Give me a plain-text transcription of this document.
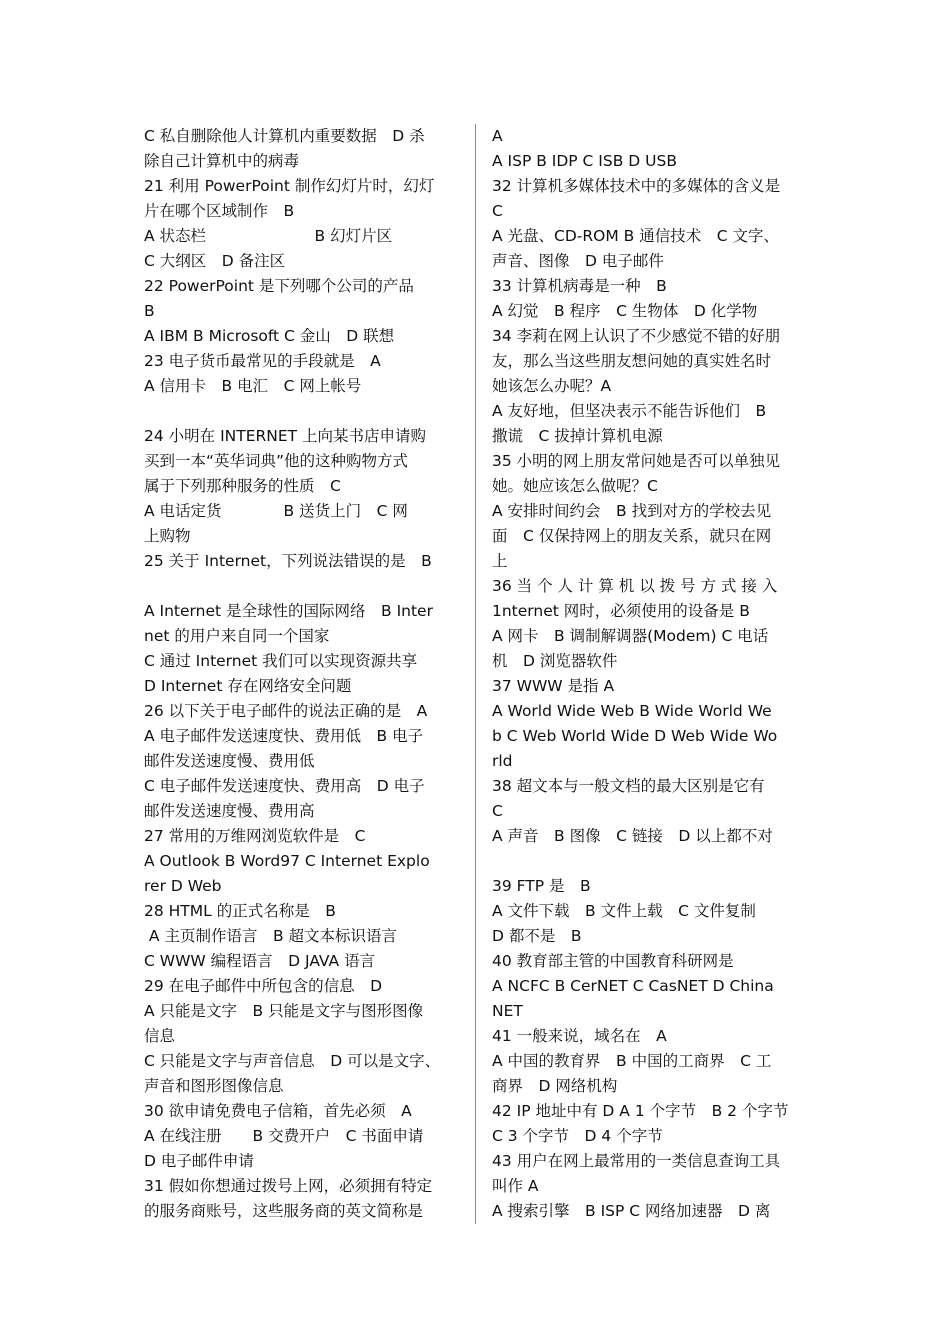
C 私自删除他人计算机内重要数据　D 杀
除自己计算机中的病毒
21 利用 PowerPoint 制作幻灯片时，幻灯
片在哪个区域制作　B
A 状态栏　　　　　　　B 幻灯片区
C 大纲区　D 备注区
22 PowerPoint 是下列哪个公司的产品
B
A IBM B Microsoft C 金山　D 联想
23 电子货币最常见的手段就是　A
A 信用卡　B 电汇　C 网上帐号
24 小明在 INTERNET 上向某书店申请购
买到一本“英华词典”他的这种购物方式
属于下列那种服务的性质　C
A 电话定货　　　　B 送货上门　C 网
上购物
25 关于 Internet，下列说法错误的是　B
A Internet 是全球性的国际网络　B Inter
net 的用户来自同一个国家
C 通过 Internet 我们可以实现资源共享
D Internet 存在网络安全问题
26 以下关于电子邮件的说法正确的是　A
A 电子邮件发送速度快、费用低　B 电子
邮件发送速度慢、费用低
C 电子邮件发送速度快、费用高　D 电子
邮件发送速度慢、费用高
27 常用的万维网浏览软件是　C
A Outlook B Word97 C Internet Explo
rer D Web
28 HTML 的正式名称是　B
A 主页制作语言　B 超文本标识语言
C WWW 编程语言　D JAVA 语言
29 在电子邮件中所包含的信息　D
A 只能是文字　B 只能是文字与图形图像
信息
C 只能是文字与声音信息　D 可以是文字、
声音和图形图像信息
30 欲申请免费电子信箱，首先必须　A
A 在线注册　　B 交费开户　C 书面申请
D 电子邮件申请
31 假如你想通过拨号上网，必须拥有特定
的服务商账号，这些服务商的英文简称是
A
A ISP B IDP C ISB D USB
32 计算机多媒体技术中的多媒体的含义是
C
A 光盘、CD-ROM B 通信技术　C 文字、
声音、图像　D 电子邮件
33 计算机病毒是一种　B
A 幻觉　B 程序　C 生物体　D 化学物
34 李莉在网上认识了不少感觉不错的好朋
友，那么当这些朋友想问她的真实姓名时
她该怎么办呢？A
A 友好地，但坚决表示不能告诉他们　B
撒谎　C 拔掉计算机电源
35 小明的网上朋友常问她是否可以单独见
她。她应该怎么做呢？C
A 安排时间约会　B 找到对方的学校去见
面　C 仅保持网上的朋友关系，就只在网
上
36 当 个 人 计 算 机 以 拨 号 方 式 接 入
1nternet 网时，必须使用的设备是 B
A 网卡　B 调制解调器(Modem) C 电话
机　D 浏览器软件
37 WWW 是指 A
A World Wide Web B Wide World We
b C Web World Wide D Web Wide Wo
rld
38 超文本与一般文档的最大区别是它有
C
A 声音　B 图像　C 链接　D 以上都不对
39 FTP 是　B
A 文件下载　B 文件上载　C 文件复制
D 都不是　B
40 教育部主管的中国教育科研网是
A NCFC B CerNET C CasNET D China
NET
41 一般来说，域名在　A
A 中国的教育界　B 中国的工商界　C 工
商界　D 网络机构
42 IP 地址中有 D A 1 个字节　B 2 个字节
C 3 个字节　D 4 个字节
43 用户在网上最常用的一类信息查询工具
叫作 A
A 搜索引擎　B ISP C 网络加速器　D 离
